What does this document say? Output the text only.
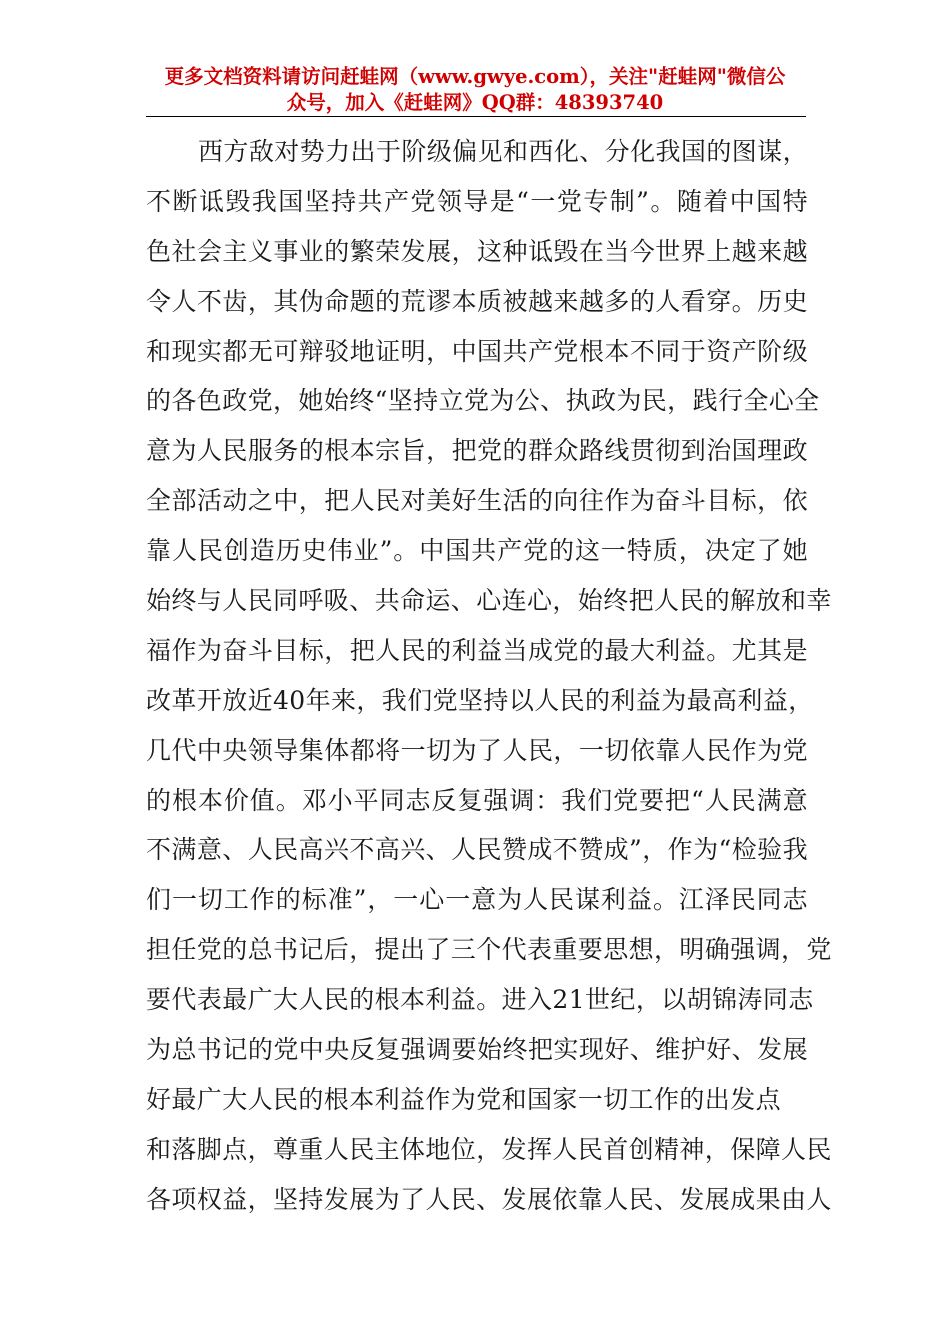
更多文档资料请访问赶蛙网（www.gwye.com），关注"赶蛙网"微信公
众号，加入《赶蛙网》QQ群：48393740
西方敌对势力出于阶级偏见和西化、分化我国的图谋，
不断诋毁我国坚持共产党领导是“一党专制”。随着中国特
色社会主义事业的繁荣发展，这种诋毁在当今世界上越来越
令人不齿，其伪命题的荒谬本质被越来越多的人看穿。历史
和现实都无可辩驳地证明，中国共产党根本不同于资产阶级
的各色政党，她始终“坚持立党为公、执政为民，践行全心全
意为人民服务的根本宗旨，把党的群众路线贯彻到治国理政
全部活动之中，把人民对美好生活的向往作为奋斗目标，依
靠人民创造历史伟业”。中国共产党的这一特质，决定了她
始终与人民同呼吸、共命运、心连心，始终把人民的解放和幸
福作为奋斗目标，把人民的利益当成党的最大利益。尤其是
改革开放近40年来，我们党坚持以人民的利益为最高利益，
几代中央领导集体都将一切为了人民，一切依靠人民作为党
的根本价值。邓小平同志反复强调：我们党要把“人民满意
不满意、人民高兴不高兴、人民赞成不赞成”，作为“检验我
们一切工作的标准”，一心一意为人民谋利益。江泽民同志
担任党的总书记后，提出了三个代表重要思想，明确强调，党
要代表最广大人民的根本利益。进入21世纪，以胡锦涛同志
为总书记的党中央反复强调要始终把实现好、维护好、发展
好最广大人民的根本利益作为党和国家一切工作的出发点
和落脚点，尊重人民主体地位，发挥人民首创精神，保障人民
各项权益，坚持发展为了人民、发展依靠人民、发展成果由人
